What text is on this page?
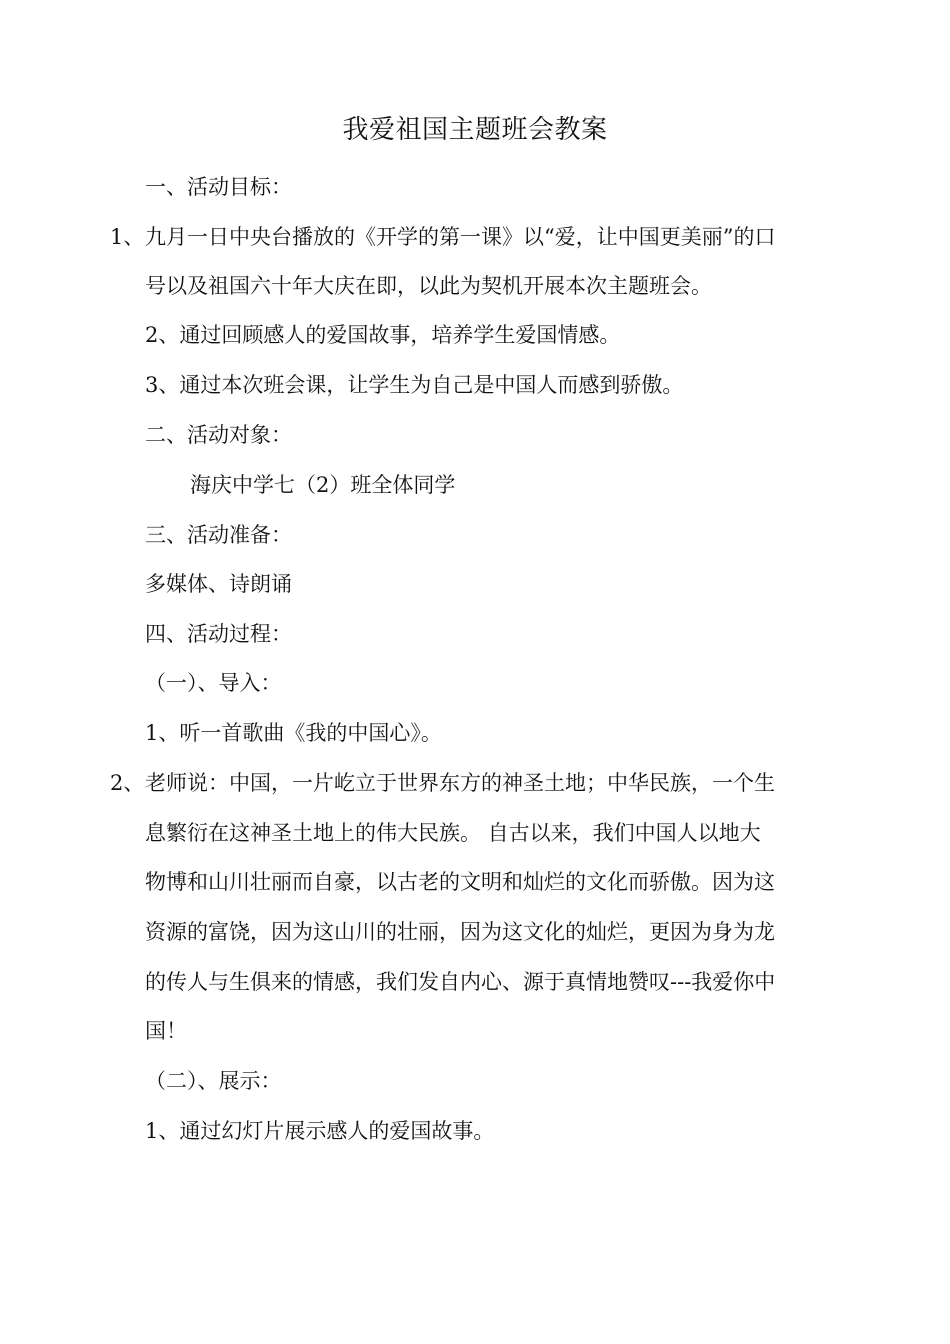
我爱祖国主题班会教案
一、活动目标：
1、 九月一日中央台播放的《开学的第一课》以“爱，让中国更美丽”的口
号以及祖国六十年大庆在即，以此为契机开展本次主题班会。
2、通过回顾感人的爱国故事，培养学生爱国情感。
3、通过本次班会课，让学生为自己是中国人而感到骄傲。
二、活动对象：
海庆中学七（2）班全体同学
三、活动准备：
多媒体、诗朗诵
四、活动过程：
（一）、导入：
1、听一首歌曲《我的中国心》。
2、 老师说：中国，一片屹立于世界东方的神圣土地；中华民族，一个生
息繁衍在这神圣土地上的伟大民族。 自古以来，我们中国人以地大
物博和山川壮丽而自豪，以古老的文明和灿烂的文化而骄傲。因为这
资源的富饶，因为这山川的壮丽，因为这文化的灿烂，更因为身为龙
的传人与生俱来的情感，我们发自内心、源于真情地赞叹---我爱你中
国！
（二）、展示：
1、通过幻灯片展示感人的爱国故事。
